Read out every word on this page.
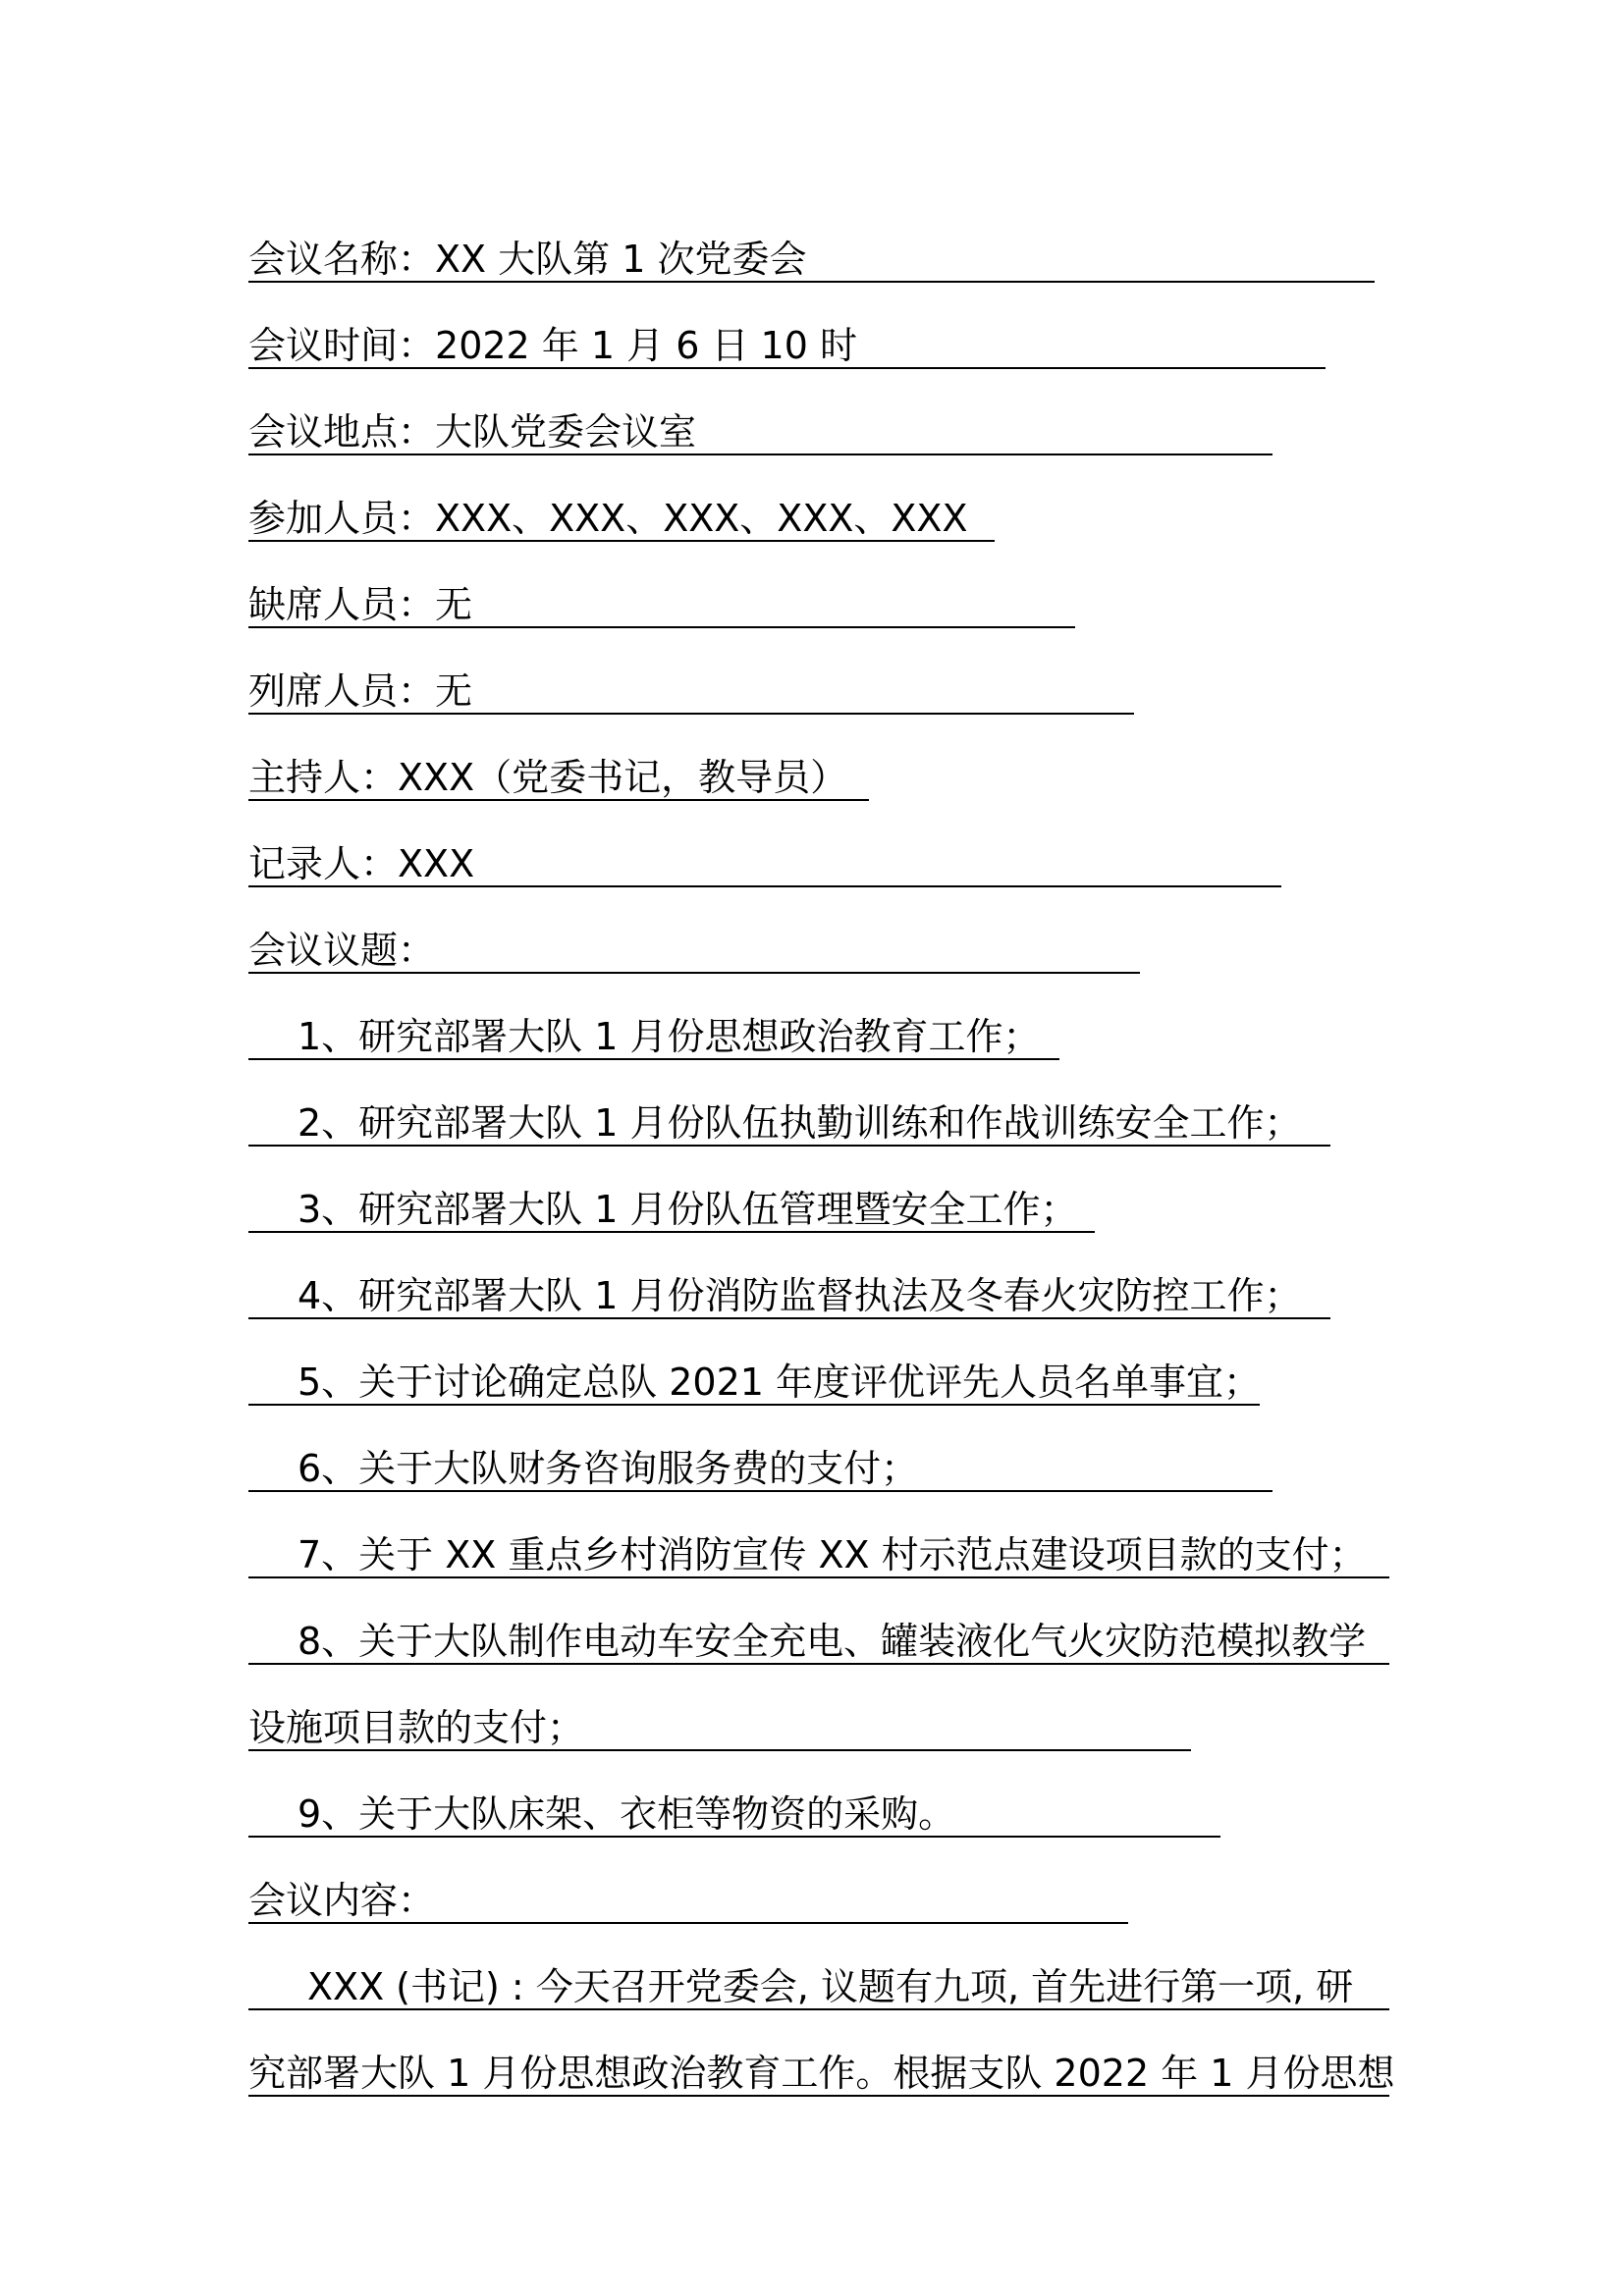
会议名称：XX 大队第 1 次党委会
会议时间：2022 年 1 月 6 日 10 时
会议地点：大队党委会议室
参加人员：XXX、XXX、XXX、XXX、XXX
缺席人员：无
列席人员：无
主持人：XXX（党委书记，教导员）
记录人：XXX
会议议题：
1、研究部署大队 1 月份思想政治教育工作；
2、研究部署大队 1 月份队伍执勤训练和作战训练安全工作；
3、研究部署大队 1 月份队伍管理暨安全工作；
4、研究部署大队 1 月份消防监督执法及冬春火灾防控工作；
5、关于讨论确定总队 2021 年度评优评先人员名单事宜；
6、关于大队财务咨询服务费的支付；
7、关于 XX 重点乡村消防宣传 XX 村示范点建设项目款的支付；
8、关于大队制作电动车安全充电、罐装液化气火灾防范模拟教学
设施项目款的支付；
9、关于大队床架、衣柜等物资的采购。
会议内容：
XXX (书记) : 今天召开党委会, 议题有九项, 首先进行第一项, 研
究部署大队 1 月份思想政治教育工作。根据支队 2022 年 1 月份思想
